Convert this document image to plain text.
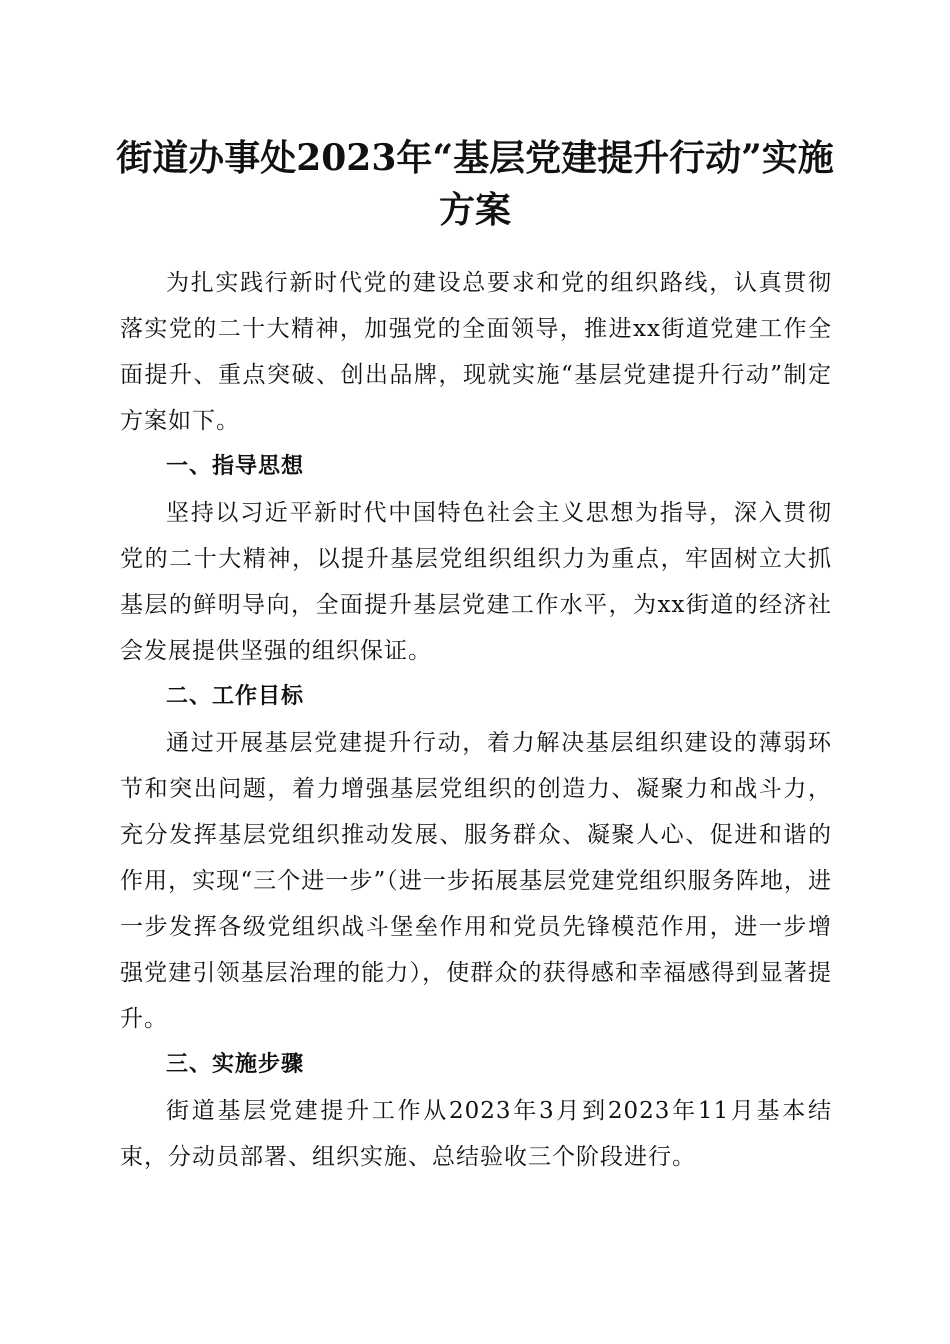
街道办事处2023年“基层党建提升行动”实施方案

为扎实践行新时代党的建设总要求和党的组织路线，认真贯彻落实党的二十大精神，加强党的全面领导，推进xx街道党建工作全面提升、重点突破、创出品牌，现就实施“基层党建提升行动”制定方案如下。

一、指导思想

坚持以习近平新时代中国特色社会主义思想为指导，深入贯彻党的二十大精神，以提升基层党组织组织力为重点，牢固树立大抓基层的鲜明导向，全面提升基层党建工作水平，为xx街道的经济社会发展提供坚强的组织保证。

二、工作目标

通过开展基层党建提升行动，着力解决基层组织建设的薄弱环节和突出问题，着力增强基层党组织的创造力、凝聚力和战斗力，充分发挥基层党组织推动发展、服务群众、凝聚人心、促进和谐的作用，实现“三个进一步”（进一步拓展基层党建党组织服务阵地，进一步发挥各级党组织战斗堡垒作用和党员先锋模范作用，进一步增强党建引领基层治理的能力），使群众的获得感和幸福感得到显著提升。

三、实施步骤

街道基层党建提升工作从2023年3月到2023年11月基本结束，分动员部署、组织实施、总结验收三个阶段进行。
